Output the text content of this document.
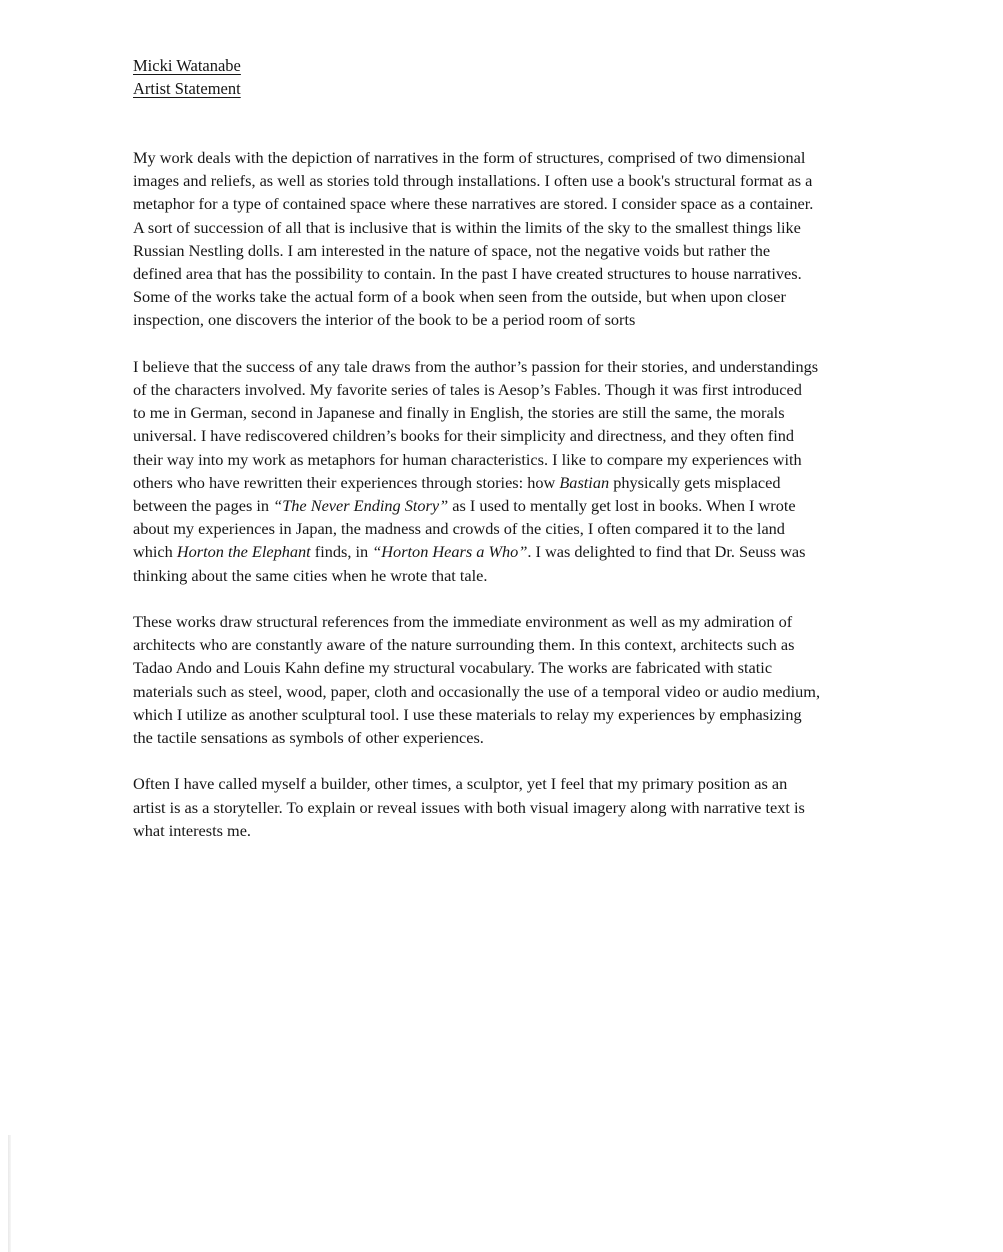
Micki Watanabe
Artist Statement

My work deals with the depiction of narratives in the form of structures, comprised of two dimensional
images and reliefs, as well as stories told through installations. I often use a book's structural format as a
metaphor for a type of contained space where these narratives are stored. I consider space as a container.
A sort of succession of all that is inclusive that is within the limits of the sky to the smallest things like
Russian Nestling dolls. I am interested in the nature of space, not the negative voids but rather the
defined area that has the possibility to contain. In the past I have created structures to house narratives.
Some of the works take the actual form of a book when seen from the outside, but when upon closer
inspection, one discovers the interior of the book to be a period room of sorts

I believe that the success of any tale draws from the author’s passion for their stories, and understandings
of the characters involved. My favorite series of tales is Aesop’s Fables. Though it was first introduced
to me in German, second in Japanese and finally in English, the stories are still the same, the morals
universal. I have rediscovered children’s books for their simplicity and directness, and they often find
their way into my work as metaphors for human characteristics. I like to compare my experiences with
others who have rewritten their experiences through stories: how Bastian physically gets misplaced
between the pages in “The Never Ending Story” as I used to mentally get lost in books. When I wrote
about my experiences in Japan, the madness and crowds of the cities, I often compared it to the land
which Horton the Elephant finds, in “Horton Hears a Who”. I was delighted to find that Dr. Seuss was
thinking about the same cities when he wrote that tale.

These works draw structural references from the immediate environment as well as my admiration of
architects who are constantly aware of the nature surrounding them. In this context, architects such as
Tadao Ando and Louis Kahn define my structural vocabulary. The works are fabricated with static
materials such as steel, wood, paper, cloth and occasionally the use of a temporal video or audio medium,
which I utilize as another sculptural tool. I use these materials to relay my experiences by emphasizing
the tactile sensations as symbols of other experiences.

Often I have called myself a builder, other times, a sculptor, yet I feel that my primary position as an
artist is as a storyteller. To explain or reveal issues with both visual imagery along with narrative text is
what interests me.
